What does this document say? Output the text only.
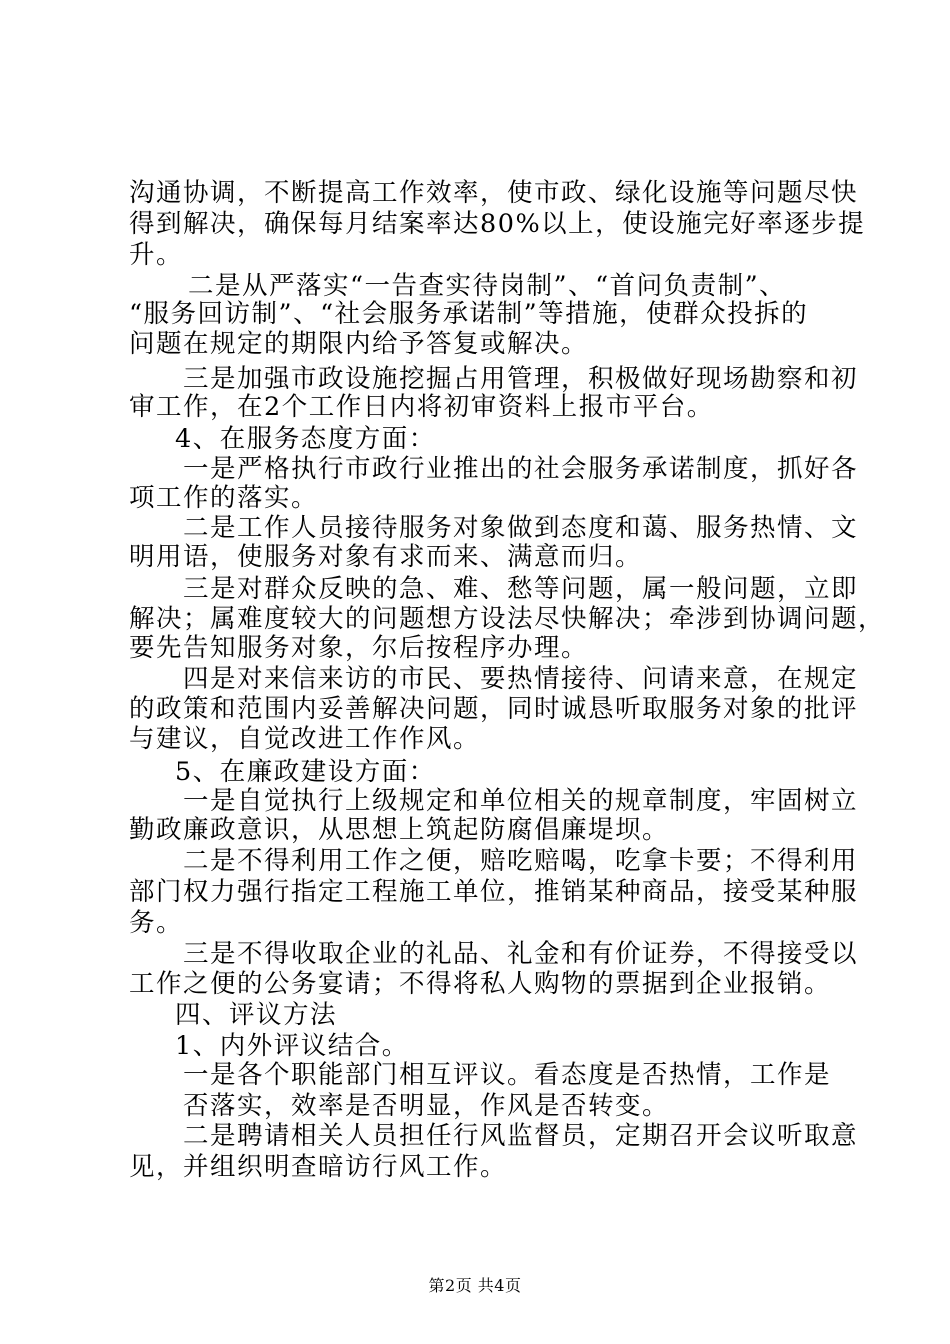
沟通协调，不断提高工作效率，使市政、绿化设施等问题尽快
得到解决，确保每月结案率达80%以上，使设施完好率逐步提
升。
二是从严落实“一告查实待岗制”、“首问负责制”、
“服务回访制”、“社会服务承诺制”等措施，使群众投拆的
问题在规定的期限内给予答复或解决。
三是加强市政设施挖掘占用管理，积极做好现场勘察和初
审工作，在2个工作日内将初审资料上报市平台。
4、在服务态度方面：
一是严格执行市政行业推出的社会服务承诺制度，抓好各
项工作的落实。
二是工作人员接待服务对象做到态度和蔼、服务热情、文
明用语，使服务对象有求而来、满意而归。
三是对群众反映的急、难、愁等问题，属一般问题，立即
解决；属难度较大的问题想方设法尽快解决；牵涉到协调问题，
要先告知服务对象，尔后按程序办理。
四是对来信来访的市民、要热情接待、问请来意，在规定
的政策和范围内妥善解决问题，同时诚恳听取服务对象的批评
与建议，自觉改进工作作风。
5、在廉政建设方面：
一是自觉执行上级规定和单位相关的规章制度，牢固树立
勤政廉政意识，从思想上筑起防腐倡廉堤坝。
二是不得利用工作之便，赔吃赔喝，吃拿卡要；不得利用
部门权力强行指定工程施工单位，推销某种商品，接受某种服
务。
三是不得收取企业的礼品、礼金和有价证券，不得接受以
工作之便的公务宴请；不得将私人购物的票据到企业报销。
四、评议方法
1、内外评议结合。
一是各个职能部门相互评议。看态度是否热情，工作是
否落实，效率是否明显，作风是否转变。
二是聘请相关人员担任行风监督员，定期召开会议听取意
见，并组织明查暗访行风工作。
第2页 共4页
